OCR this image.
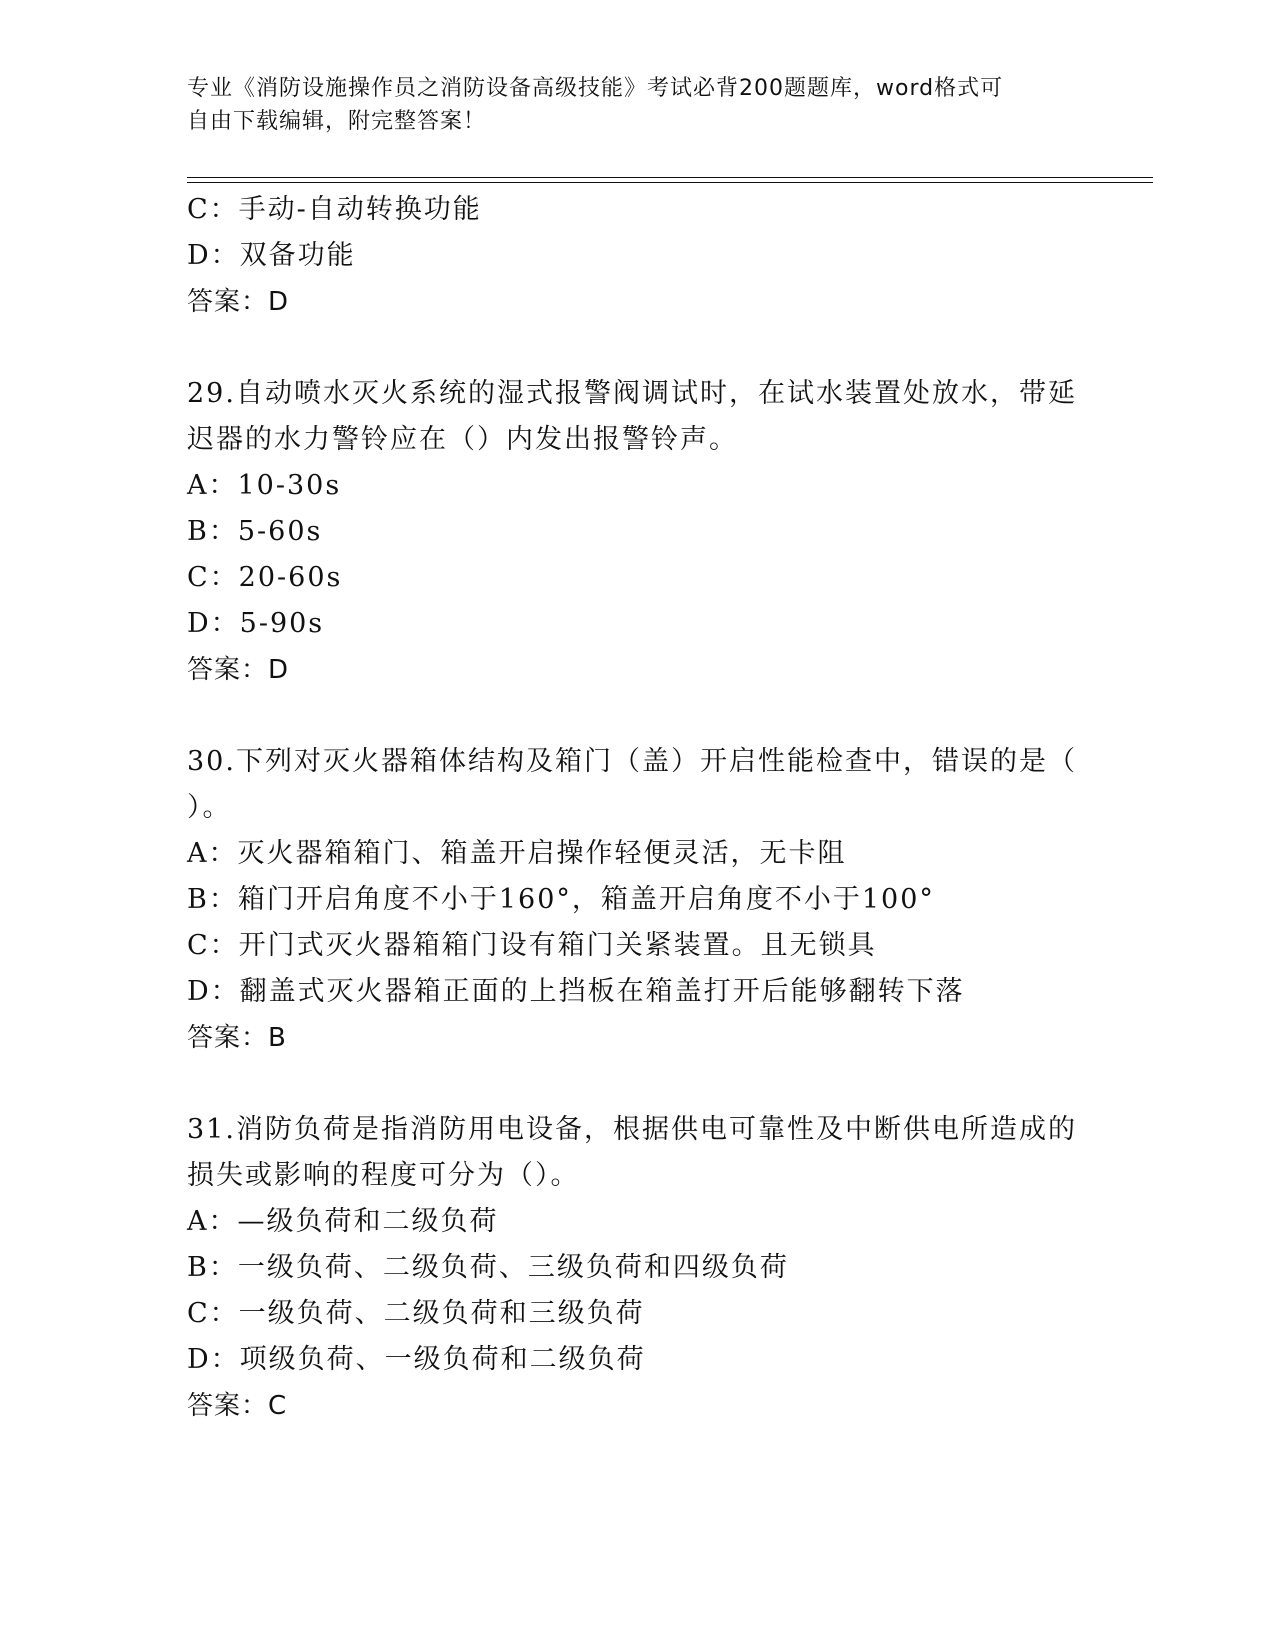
专业《消防设施操作员之消防设备高级技能》考试必背200题题库，word格式可
自由下载编辑，附完整答案！
C：手动-自动转换功能
D：双备功能
答案：D
29.自动喷水灭火系统的湿式报警阀调试时，在试水装置处放水，带延
迟器的水力警铃应在（）内发出报警铃声。
A：10-30s
B：5-60s
C：20-60s
D：5-90s
答案：D
30.下列对灭火器箱体结构及箱门（盖）开启性能检查中，错误的是（
）。
A：灭火器箱箱门、箱盖开启操作轻便灵活，无卡阻
B：箱门开启角度不小于160°，箱盖开启角度不小于100°
C：开门式灭火器箱箱门设有箱门关紧装置。且无锁具
D：翻盖式灭火器箱正面的上挡板在箱盖打开后能够翻转下落
答案：B
31.消防负荷是指消防用电设备，根据供电可靠性及中断供电所造成的
损失或影响的程度可分为（）。
A：—级负荷和二级负荷
B：一级负荷、二级负荷、三级负荷和四级负荷
C：一级负荷、二级负荷和三级负荷
D：项级负荷、一级负荷和二级负荷
答案：C
